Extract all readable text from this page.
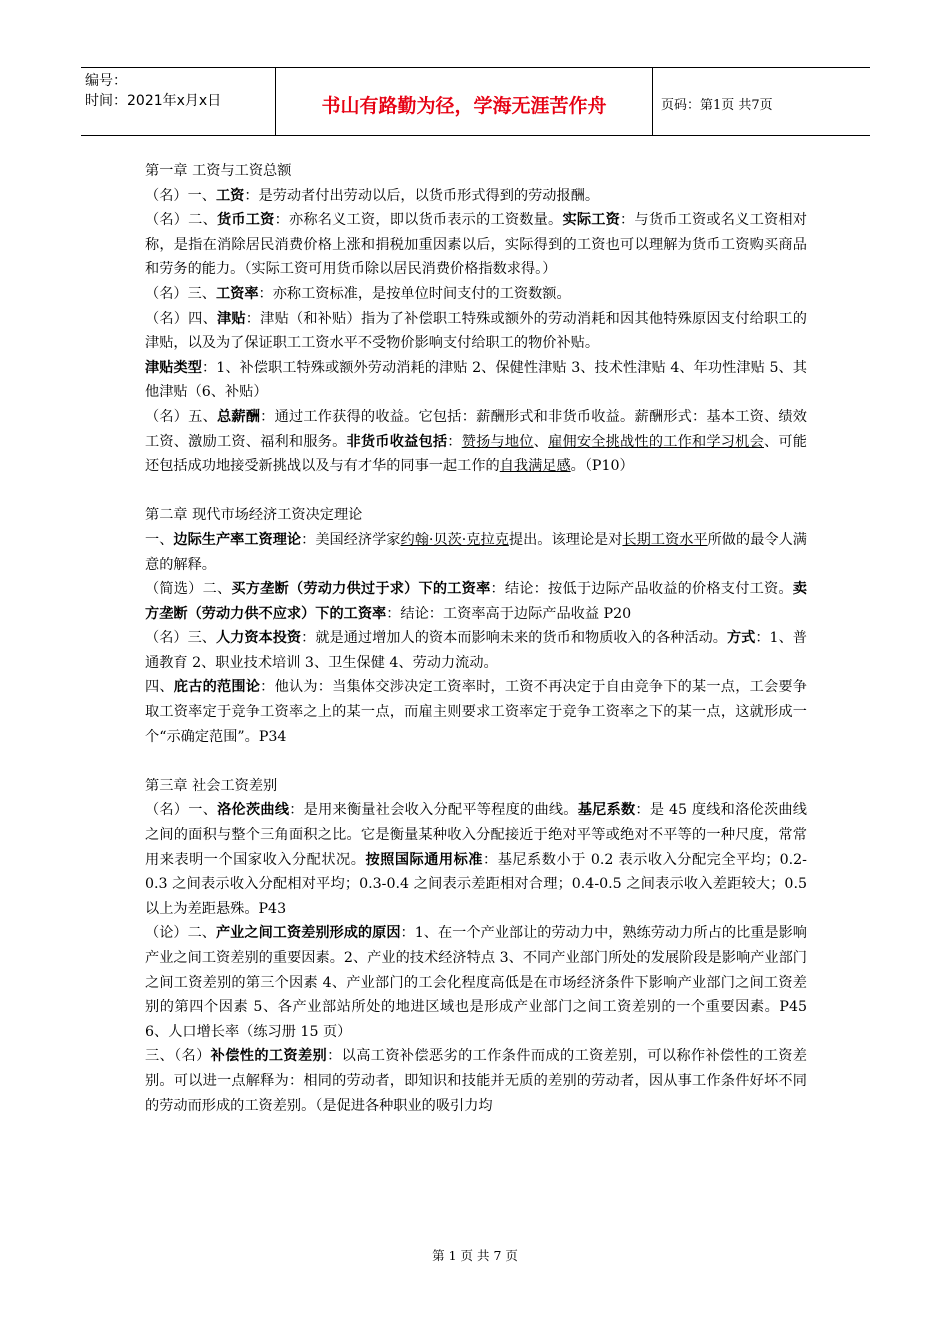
编号：
时间：2021年x月x日	书山有路勤为径，学海无涯苦作舟	页码：第1页 共7页

第一章 工资与工资总额

（名）一、工资：是劳动者付出劳动以后，以货币形式得到的劳动报酬。

（名）二、货币工资：亦称名义工资，即以货币表示的工资数量。实际工资：与货币工资或名义工资相对称，是指在消除居民消费价格上涨和捐税加重因素以后，实际得到的工资也可以理解为货币工资购买商品和劳务的能力。（实际工资可用货币除以居民消费价格指数求得。）

（名）三、工资率：亦称工资标准，是按单位时间支付的工资数额。

（名）四、津贴：津贴（和补贴）指为了补偿职工特殊或额外的劳动消耗和因其他特殊原因支付给职工的津贴，以及为了保证职工工资水平不受物价影响支付给职工的物价补贴。

津贴类型：1、补偿职工特殊或额外劳动消耗的津贴 2、保健性津贴 3、技术性津贴 4、年功性津贴 5、其他津贴（6、补贴）

（名）五、总薪酬：通过工作获得的收益。它包括：薪酬形式和非货币收益。薪酬形式：基本工资、绩效工资、激励工资、福利和服务。非货币收益包括：赞扬与地位、雇佣安全挑战性的工作和学习机会、可能还包括成功地接受新挑战以及与有才华的同事一起工作的自我满足感。（P10）

第二章 现代市场经济工资决定理论

一、边际生产率工资理论：美国经济学家约翰·贝茨·克拉克提出。该理论是对长期工资水平所做的最令人满意的解释。

（简选）二、买方垄断（劳动力供过于求）下的工资率：结论：按低于边际产品收益的价格支付工资。卖方垄断（劳动力供不应求）下的工资率：结论：工资率高于边际产品收益 P20

（名）三、人力资本投资：就是通过增加人的资本而影响未来的货币和物质收入的各种活动。方式：1、普通教育 2、职业技术培训 3、卫生保健 4、劳动力流动。

四、庇古的范围论：他认为：当集体交涉决定工资率时，工资不再决定于自由竞争下的某一点，工会要争取工资率定于竞争工资率之上的某一点，而雇主则要求工资率定于竞争工资率之下的某一点，这就形成一个“示确定范围”。P34

第三章 社会工资差别

（名）一、洛伦茨曲线：是用来衡量社会收入分配平等程度的曲线。基尼系数：是 45 度线和洛伦茨曲线之间的面积与整个三角面积之比。它是衡量某种收入分配接近于绝对平等或绝对不平等的一种尺度，常常用来表明一个国家收入分配状况。按照国际通用标准：基尼系数小于 0.2 表示收入分配完全平均；0.2-0.3 之间表示收入分配相对平均；0.3-0.4 之间表示差距相对合理；0.4-0.5 之间表示收入差距较大；0.5 以上为差距悬殊。P43

（论）二、产业之间工资差别形成的原因：1、在一个产业部让的劳动力中，熟练劳动力所占的比重是影响产业之间工资差别的重要因素。2、产业的技术经济特点 3、不同产业部门所处的发展阶段是影响产业部门之间工资差别的第三个因素 4、产业部门的工会化程度高低是在市场经济条件下影响产业部门之间工资差别的第四个因素 5、各产业部站所处的地进区域也是形成产业部门之间工资差别的一个重要因素。P45 6、人口增长率（练习册 15 页）

三、（名）补偿性的工资差别：以高工资补偿恶劣的工作条件而成的工资差别，可以称作补偿性的工资差别。可以进一点解释为：相同的劳动者，即知识和技能并无质的差别的劳动者，因从事工作条件好坏不同的劳动而形成的工资差别。（是促进各种职业的吸引力均

第 1 页 共 7 页
